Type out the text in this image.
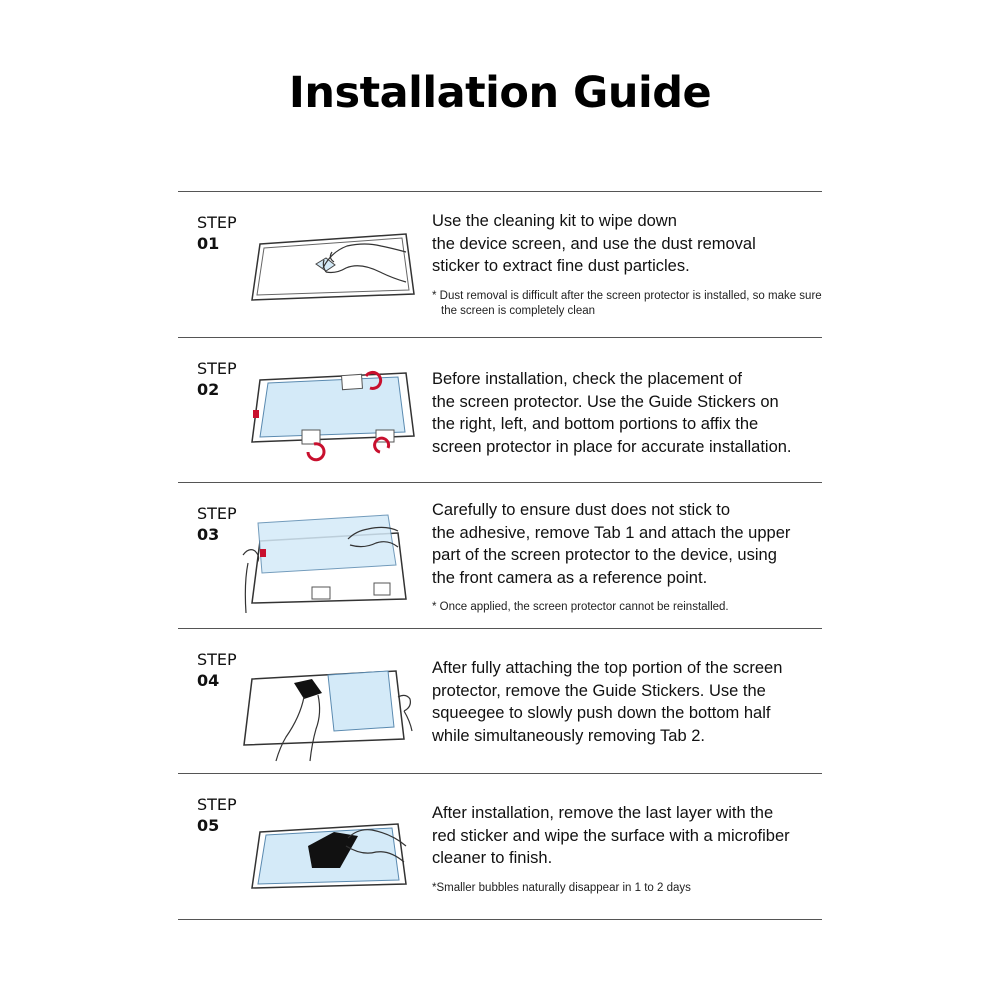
Installation Guide
STEP
01
Use the cleaning kit to wipe down
the device screen, and use the dust removal
sticker to extract fine dust particles.
* Dust removal is difficult after the screen protector is installed, so make sure the screen is completely clean
STEP
02
Before installation, check the placement of
the screen protector. Use the Guide Stickers on
the right, left, and bottom portions to affix the
screen protector in place for accurate installation.
STEP
03
Carefully to ensure dust does not stick to
the adhesive, remove Tab 1 and attach the upper
part of the screen protector to the device, using
the front camera as a reference point.
* Once applied, the screen protector cannot be reinstalled.
STEP
04
After fully attaching the top portion of the screen
protector, remove the Guide Stickers. Use the
squeegee to slowly push down the bottom half
while simultaneously removing Tab 2.
STEP
05
After installation, remove the last layer with the
red sticker and wipe the surface with a microfiber
cleaner to finish.
*Smaller bubbles naturally disappear in 1 to 2 days
